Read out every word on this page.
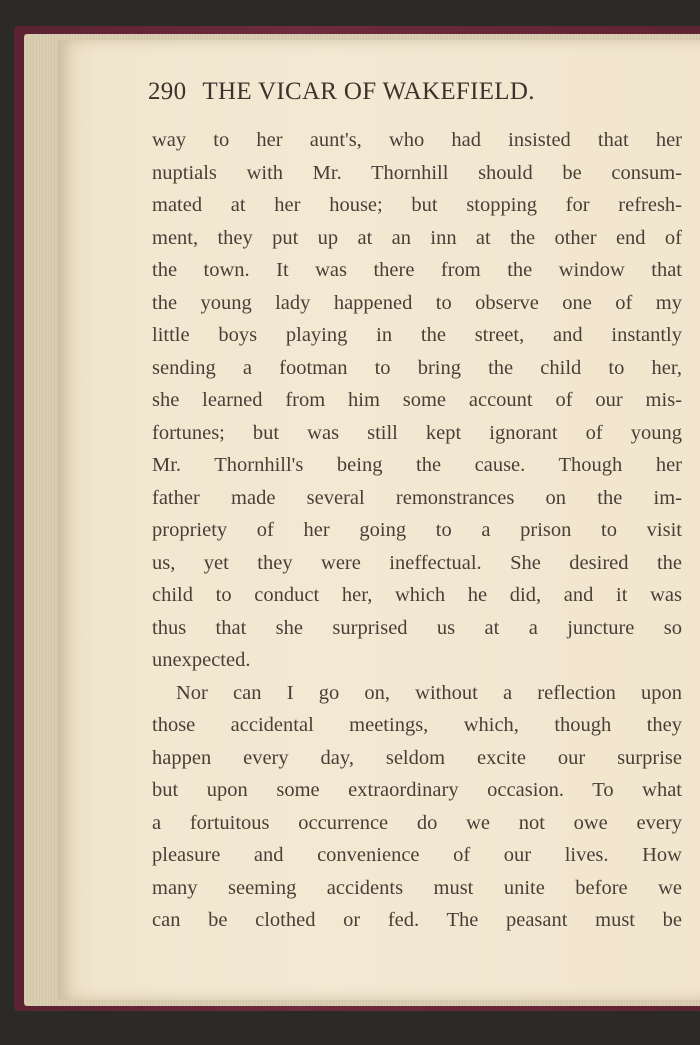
290 THE VICAR OF WAKEFIELD.
way to her aunt's, who had insisted that her
nuptials with Mr. Thornhill should be consum-
mated at her house; but stopping for refresh-
ment, they put up at an inn at the other end of
the town. It was there from the window that
the young lady happened to observe one of my
little boys playing in the street, and instantly
sending a footman to bring the child to her,
she learned from him some account of our mis-
fortunes; but was still kept ignorant of young
Mr. Thornhill's being the cause. Though her
father made several remonstrances on the im-
propriety of her going to a prison to visit
us, yet they were ineffectual. She desired the
child to conduct her, which he did, and it was
thus that she surprised us at a juncture so
unexpected.
Nor can I go on, without a reflection upon
those accidental meetings, which, though they
happen every day, seldom excite our surprise
but upon some extraordinary occasion. To what
a fortuitous occurrence do we not owe every
pleasure and convenience of our lives. How
many seeming accidents must unite before we
can be clothed or fed. The peasant must be
